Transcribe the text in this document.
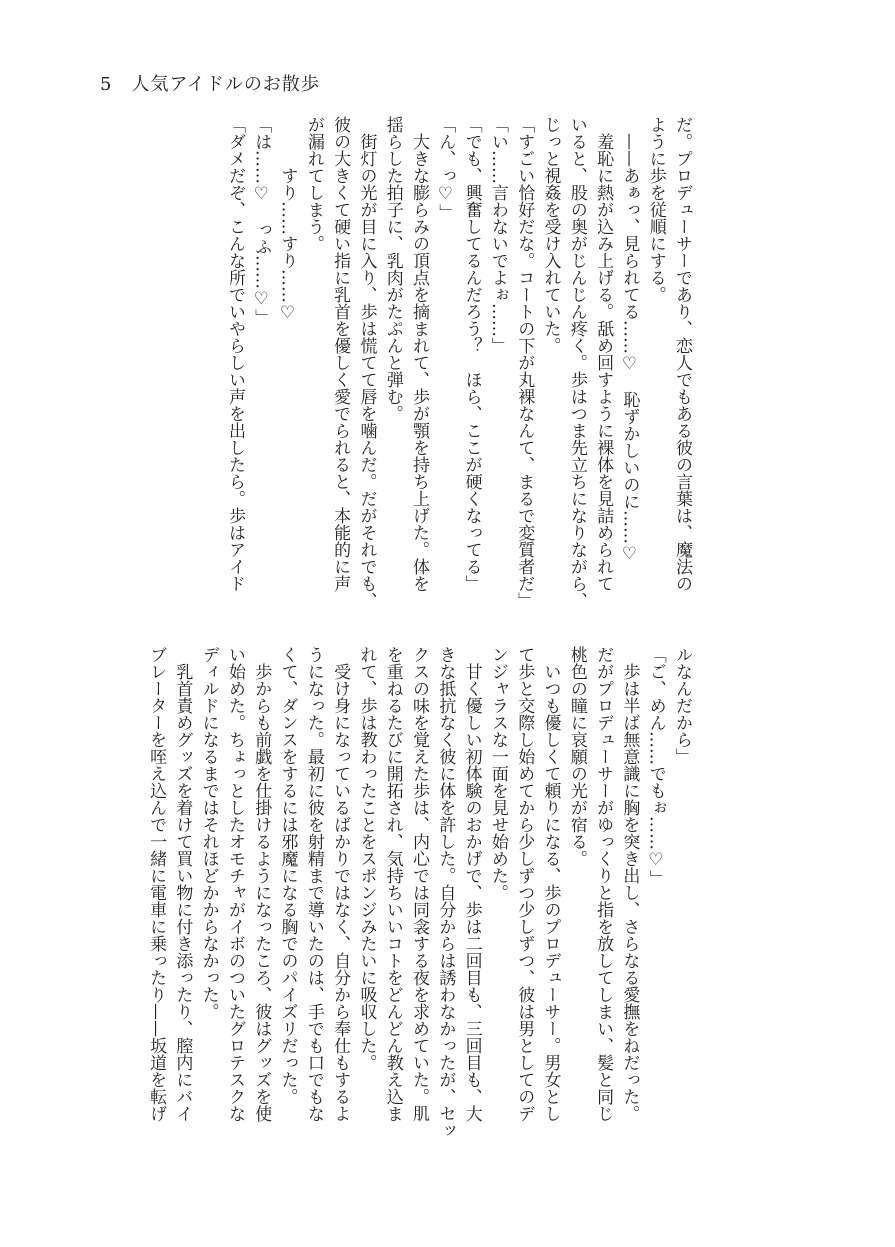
5　 人気アイドルのお散歩
だ。プロデューサーであり、恋人でもある彼の言葉は、魔法の
ように歩を従順にする。
　——あぁっ、見られてる……♡　恥ずかしいのに……♡
　羞恥に熱が込み上げる。舐め回すように裸体を見詰められて
いると、股の奥がじんじん疼く。歩はつま先立ちになりながら、
じっと視姦を受け入れていた。
「すごい恰好だな。コートの下が丸裸なんて、まるで変質者だ」
「い……言わないでよぉ……」
「でも、興奮してるんだろう？　ほら、ここが硬くなってる」
「ん、っ♡」
　大きな膨らみの頂点を摘まれて、歩が顎を持ち上げた。体を
揺らした拍子に、乳肉がたぷんと弾む。
　街灯の光が目に入り、歩は慌てて唇を噛んだ。だがそれでも、
彼の大きくて硬い指に乳首を優しく愛でられると、本能的に声
が漏れてしまう。
　　　すり……すり……♡
「は……♡　っふ……♡」
「ダメだぞ、こんな所でいやらしい声を出したら。歩はアイド
ルなんだから」
「ご、めん……でもぉ……♡」
　歩は半ば無意識に胸を突き出し、さらなる愛撫をねだった。
だがプロデューサーがゆっくりと指を放してしまい、髪と同じ
桃色の瞳に哀願の光が宿る。
　いつも優しくて頼りになる、歩のプロデューサー。男女とし
て歩と交際し始めてから少しずつ少しずつ、彼は男としてのデ
ンジャラスな一面を見せ始めた。
　甘く優しい初体験のおかげで、歩は二回目も、三回目も、大
きな抵抗なく彼に体を許した。自分からは誘わなかったが、セッ
クスの味を覚えた歩は、内心では同衾する夜を求めていた。肌
を重ねるたびに開拓され、気持ちいいコトをどんどん教え込ま
れて、歩は教わったことをスポンジみたいに吸収した。
　受け身になっているばかりではなく、自分から奉仕もするよ
うになった。最初に彼を射精まで導いたのは、手でも口でもな
くて、ダンスをするには邪魔になる胸でのパイズリだった。
　歩からも前戯を仕掛けるようになったころ、彼はグッズを使
い始めた。ちょっとしたオモチャがイボのついたグロテスクな
ディルドになるまではそれほどかからなかった。
　乳首責めグッズを着けて買い物に付き添ったり、膣内にバイ
ブレーターを咥え込んで一緒に電車に乗ったり——坂道を転げ
